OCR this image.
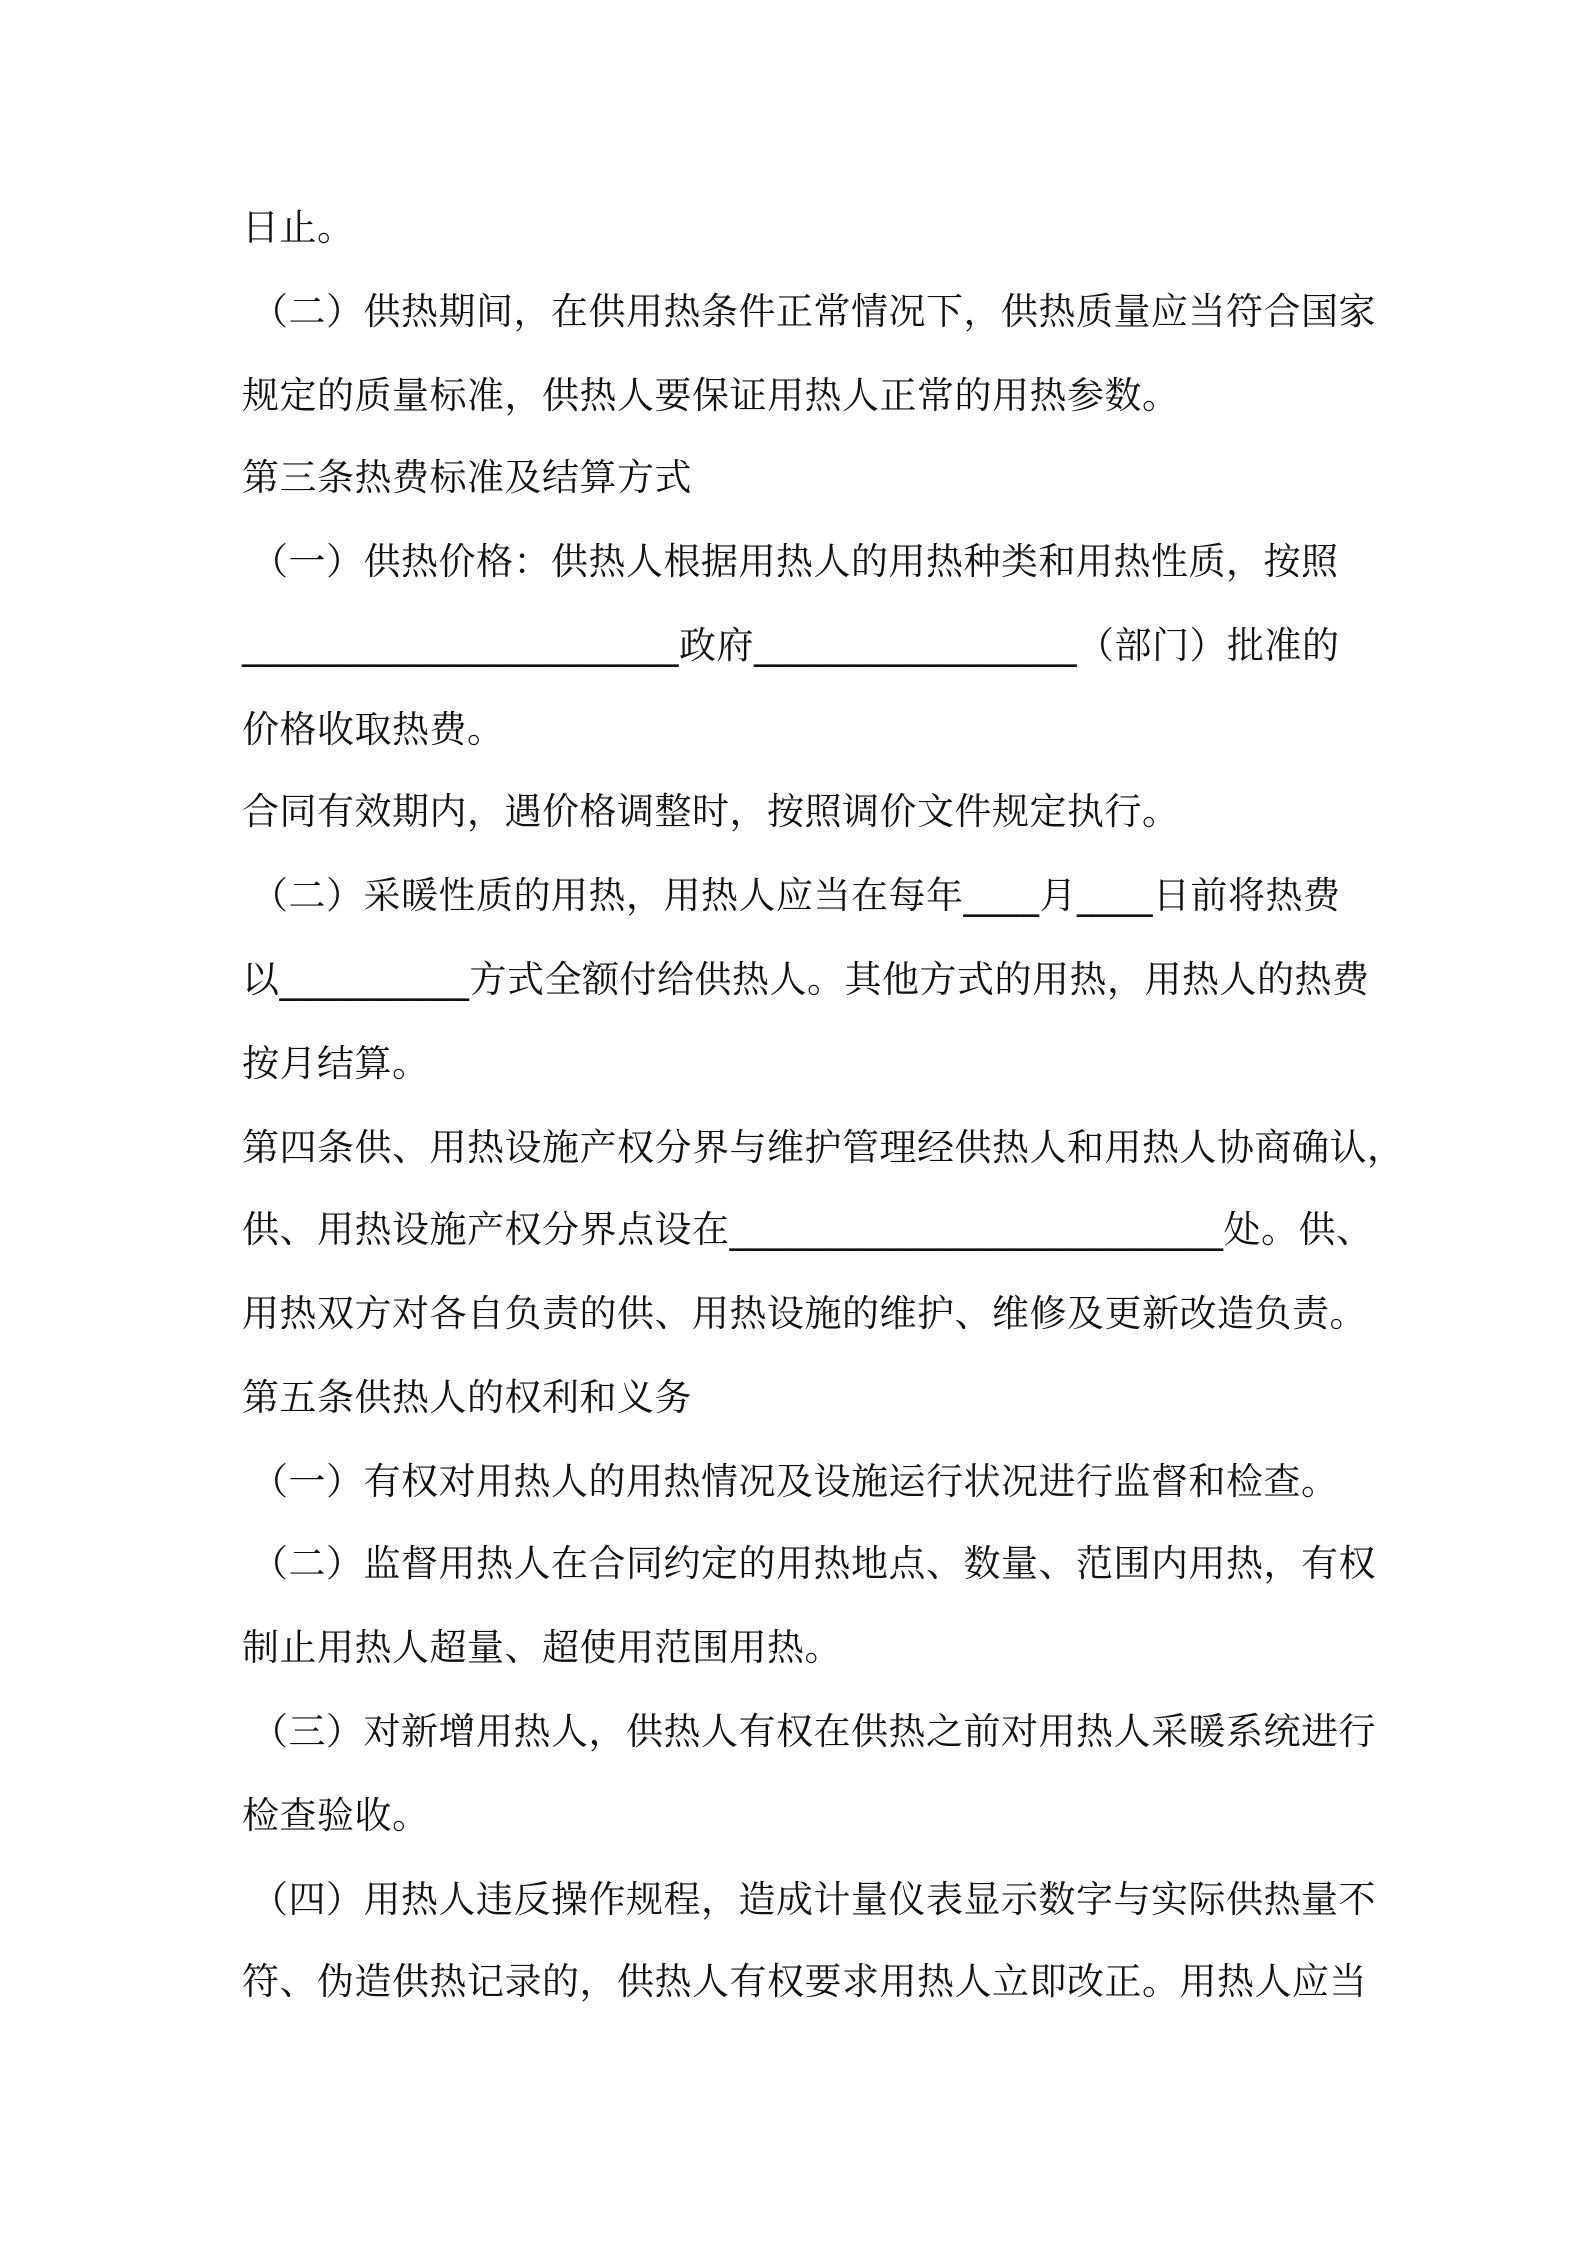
日止。
（二）供热期间，在供用热条件正常情况下，供热质量应当符合国家
规定的质量标准，供热人要保证用热人正常的用热参数。
第三条热费标准及结算方式
（一）供热价格：供热人根据用热人的用热种类和用热性质，按照
_______________________政府_________________（部门）批准的
价格收取热费。
合同有效期内，遇价格调整时，按照调价文件规定执行。
（二）采暖性质的用热，用热人应当在每年____月____日前将热费
以__________方式全额付给供热人。其他方式的用热，用热人的热费
按月结算。
第四条供、用热设施产权分界与维护管理经供热人和用热人协商确认，
供、用热设施产权分界点设在__________________________处。供、
用热双方对各自负责的供、用热设施的维护、维修及更新改造负责。
第五条供热人的权利和义务
（一）有权对用热人的用热情况及设施运行状况进行监督和检查。
（二）监督用热人在合同约定的用热地点、数量、范围内用热，有权
制止用热人超量、超使用范围用热。
（三）对新增用热人，供热人有权在供热之前对用热人采暖系统进行
检查验收。
（四）用热人违反操作规程，造成计量仪表显示数字与实际供热量不
符、伪造供热记录的，供热人有权要求用热人立即改正。用热人应当
